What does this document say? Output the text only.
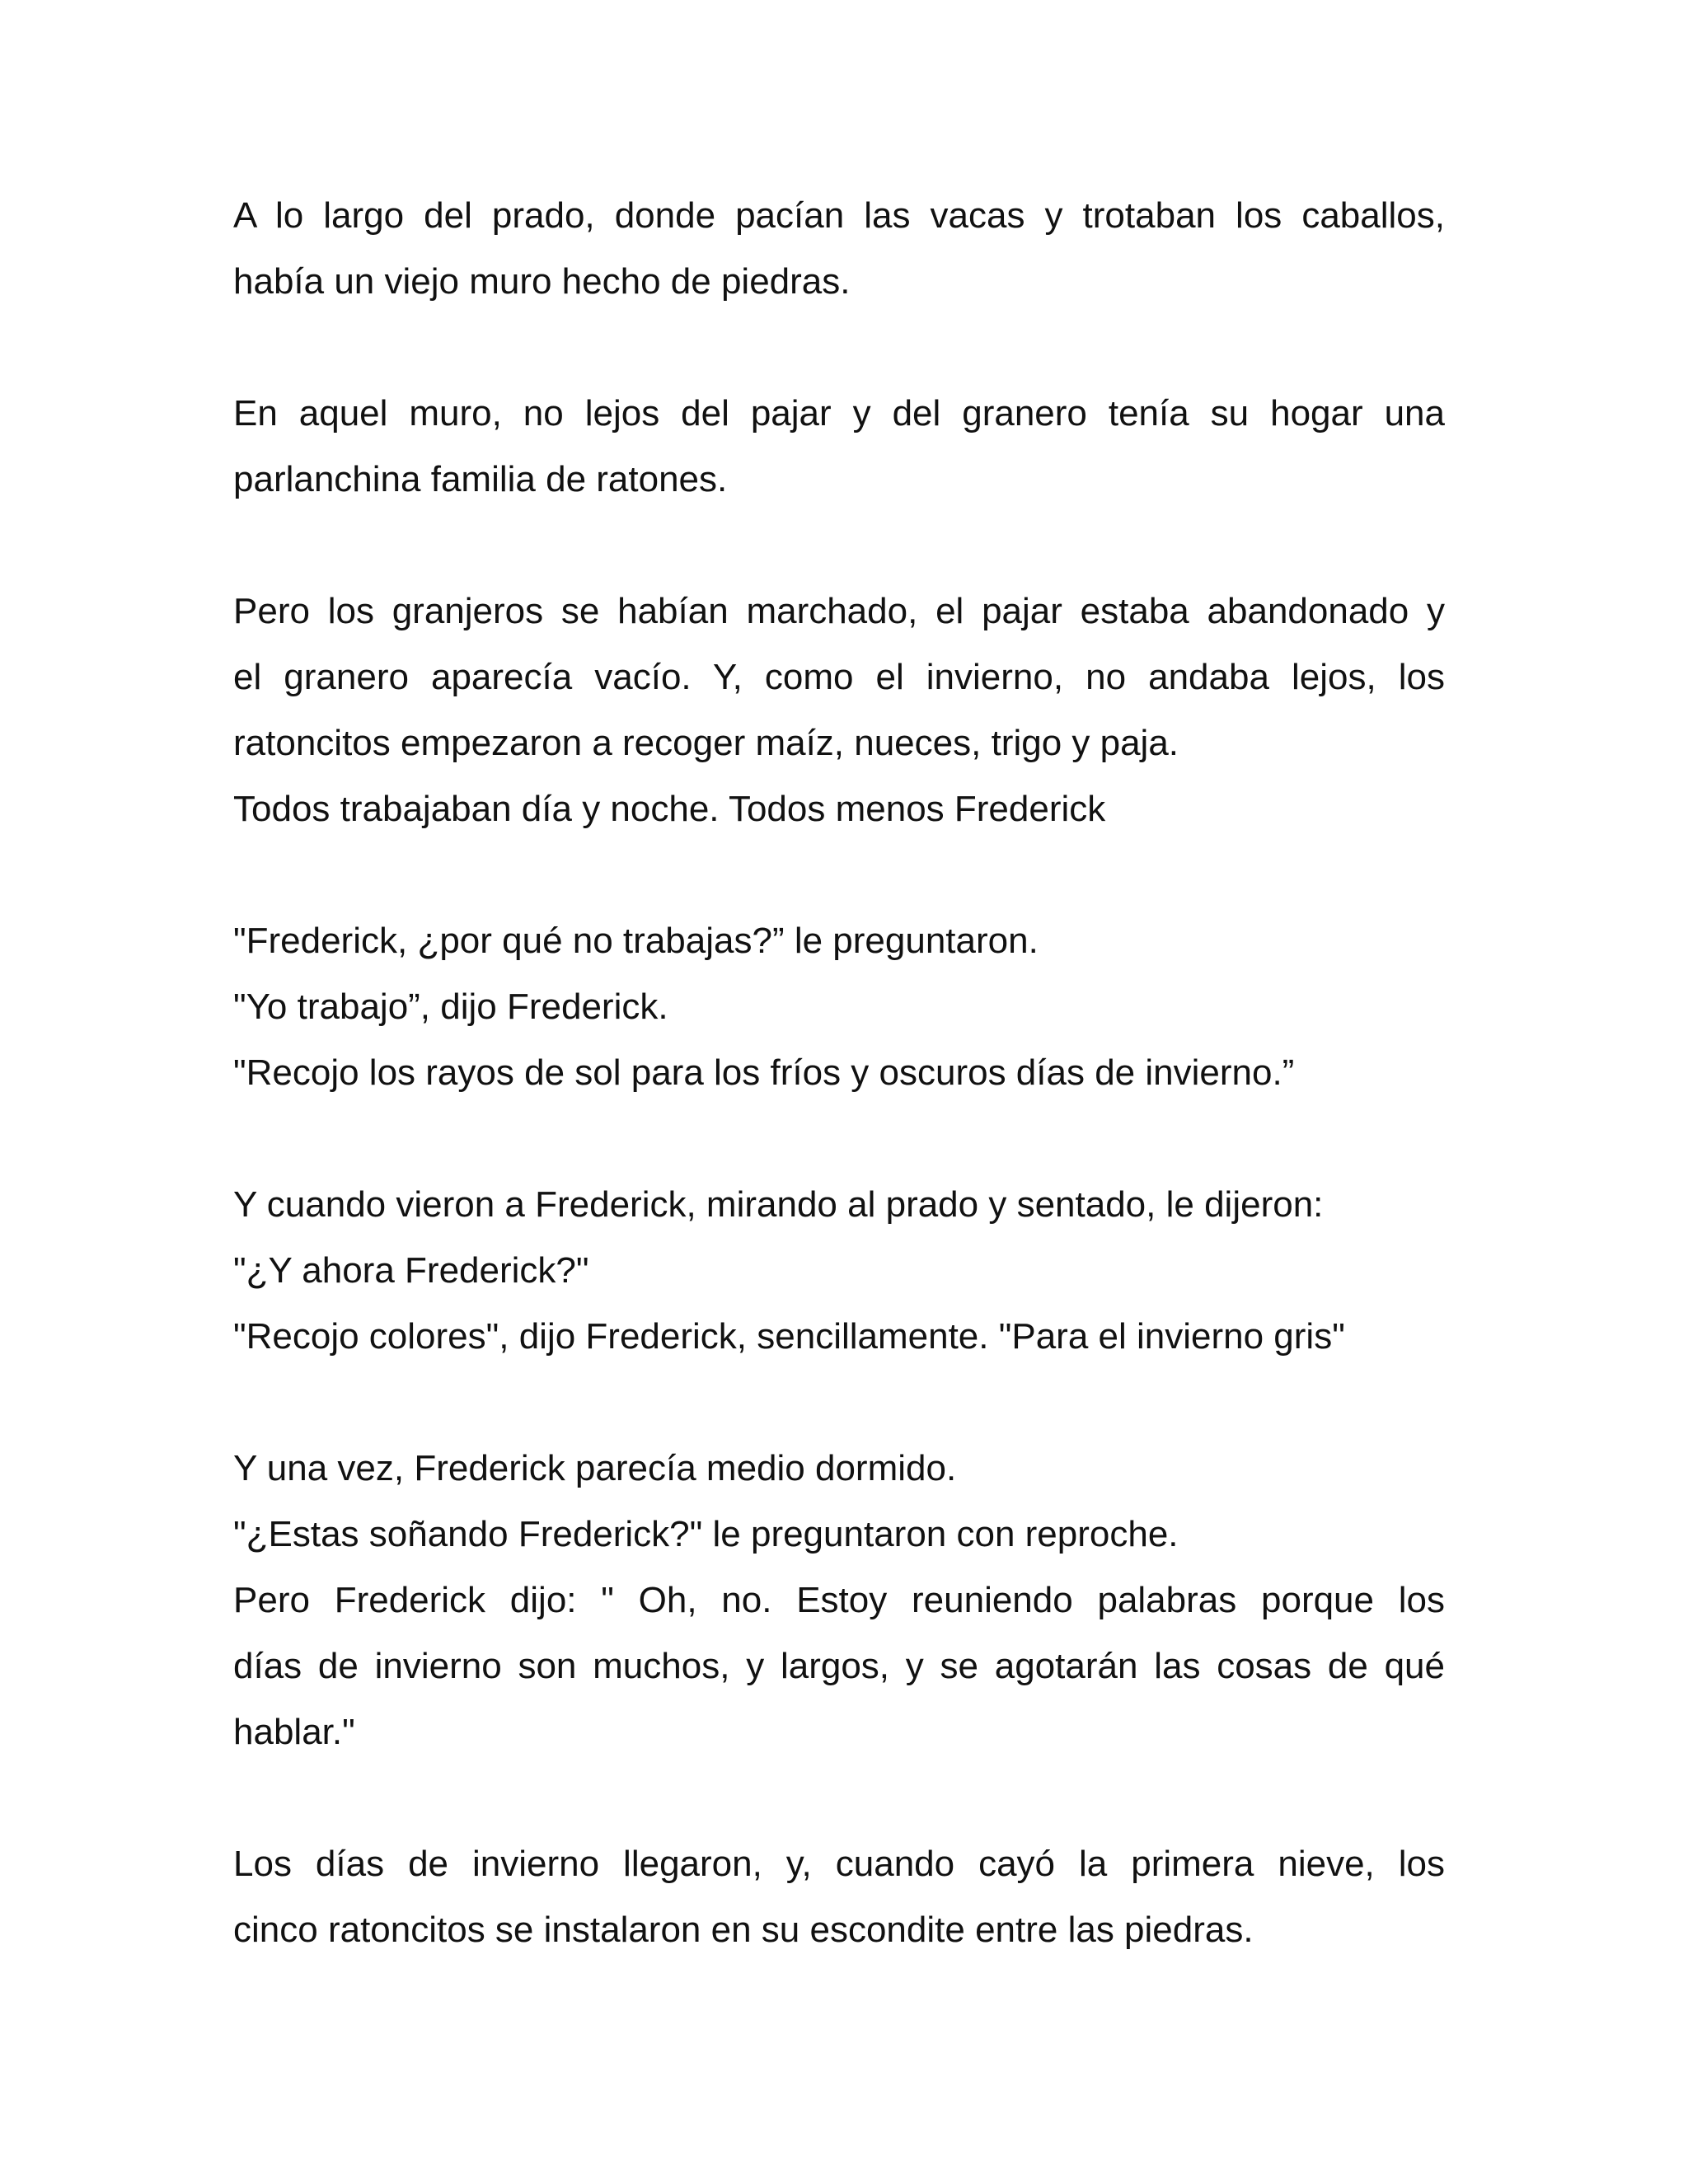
A lo largo del prado, donde pacían las vacas y trotaban los caballos,
había un viejo muro hecho de piedras.
En aquel muro, no lejos del pajar y del granero tenía su hogar una
parlanchina familia de ratones.
Pero los granjeros se habían marchado, el pajar estaba abandonado y
el granero aparecía vacío. Y, como el invierno, no andaba lejos, los
ratoncitos empezaron a recoger maíz, nueces, trigo y paja.
Todos trabajaban día y noche. Todos menos Frederick
"Frederick, ¿por qué no trabajas?” le preguntaron.
"Yo trabajo”, dijo Frederick.
"Recojo los rayos de sol para los fríos y oscuros días de invierno.”
Y cuando vieron a Frederick, mirando al prado y sentado, le dijeron:
"¿Y ahora Frederick?"
"Recojo colores", dijo Frederick, sencillamente. "Para el invierno gris"
Y una vez, Frederick parecía medio dormido.
"¿Estas soñando Frederick?" le preguntaron con reproche.
Pero Frederick dijo: " Oh, no. Estoy reuniendo palabras porque los
días de invierno son muchos, y largos, y se agotarán las cosas de qué
hablar."
Los días de invierno llegaron, y, cuando cayó la primera nieve, los
cinco ratoncitos se instalaron en su escondite entre las piedras.
